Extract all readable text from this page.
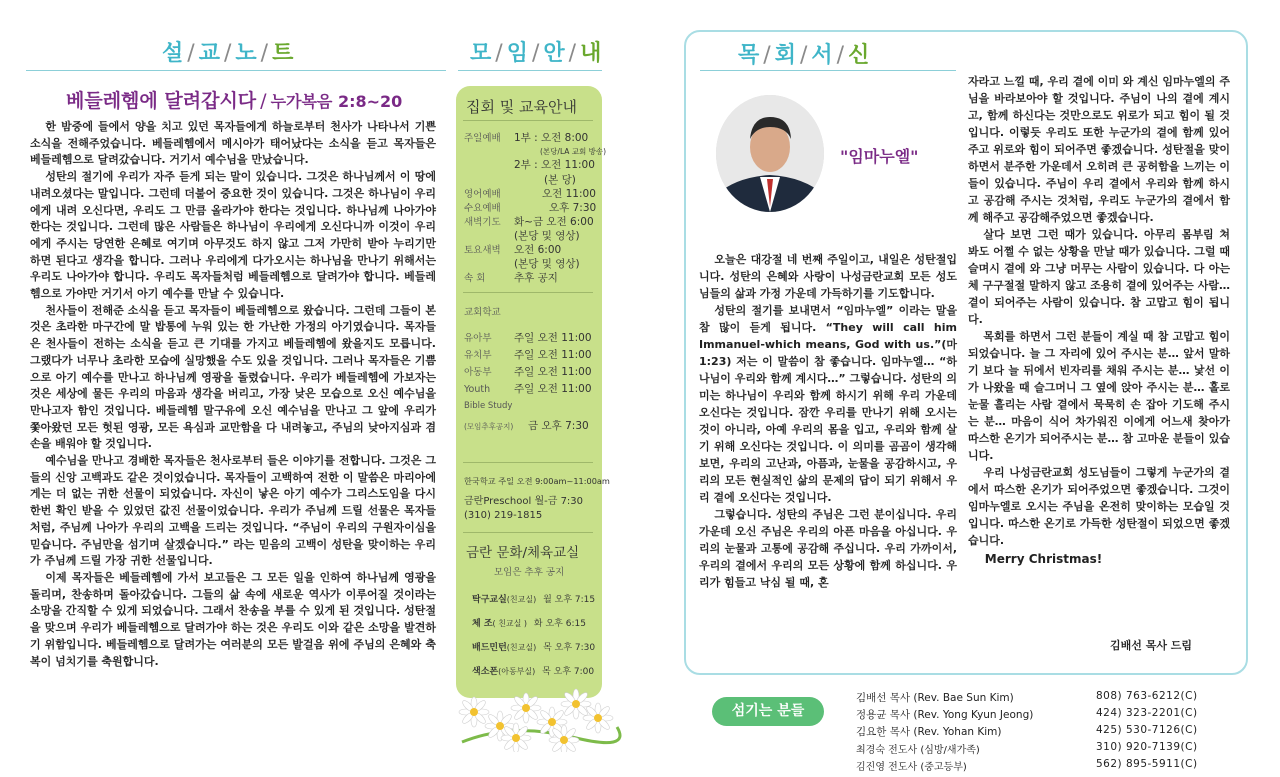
설 / 교 / 노 / 트
베들레헴에 달려갑시다 / 누가복음 2:8~20

한 밤중에 들에서 양을 치고 있던 목자들에게 하늘로부터 천사가 나타나서 기쁜 소식을 전해주었습니다. 베들레헴에서 메시아가 태어났다는 소식을 듣고 목자들은 베들레헴으로 달려갔습니다. 거기서 예수님을 만났습니다.

성탄의 절기에 우리가 자주 듣게 되는 말이 있습니다. 그것은 하나님께서 이 땅에 내려오셨다는 말입니다. 그런데 더불어 중요한 것이 있습니다. 그것은 하나님이 우리에게 내려 오신다면, 우리도 그 만큼 올라가야 한다는 것입니다. 하나님께 나아가야 한다는 것입니다. 그런데 많은 사람들은 하나님이 우리에게 오신다니까 이것이 우리에게 주시는 당연한 은혜로 여기며 아무것도 하지 않고 그저 가만히 받아 누리기만 하면 된다고 생각을 합니다. 그러나 우리에게 다가오시는 하나님을 만나기 위해서는 우리도 나아가야 합니다. 우리도 목자들처럼 베들레헴으로 달려가야 합니다. 베들레헴으로 가야만 거기서 아기 예수를 만날 수 있습니다.

천사들이 전해준 소식을 듣고 목자들이 베들레헴으로 왔습니다. 그런데 그들이 본 것은 초라한 마구간에 말 밥통에 누워 있는 한 가난한 가정의 아기였습니다. 목자들은 천사들이 전하는 소식을 듣고 큰 기대를 가지고 베들레헴에 왔을지도 모릅니다. 그랬다가 너무나 초라한 모습에 실망했을 수도 있을 것입니다. 그러나 목자들은 기쁨으로 아기 예수를 만나고 하나님께 영광을 돌렸습니다. 우리가 베들레헴에 가보자는 것은 세상에 물든 우리의 마음과 생각을 버리고, 가장 낮은 모습으로 오신 예수님을 만나고자 함인 것입니다. 베들레헴 말구유에 오신 예수님을 만나고 그 앞에 우리가 쫓아왔던 모든 헛된 영광, 모든 욕심과 교만함을 다 내려놓고, 주님의 낮아지심과 겸손을 배워야 할 것입니다.

예수님을 만나고 경배한 목자들은 천사로부터 들은 이야기를 전합니다. 그것은 그들의 신앙 고백과도 같은 것이었습니다. 목자들이 고백하여 전한 이 말씀은 마리아에게는 더 없는 귀한 선물이 되었습니다. 자신이 낳은 아기 예수가 그리스도임을 다시 한번 확인 받을 수 있었던 값진 선물이었습니다. 우리가 주님께 드릴 선물은 목자들처럼, 주님께 나아가 우리의 고백을 드리는 것입니다. “주님이 우리의 구원자이심을 믿습니다. 주님만을 섬기며 살겠습니다.” 라는 믿음의 고백이 성탄을 맞이하는 우리가 주님께 드릴 가장 귀한 선물입니다.

이제 목자들은 베들레헴에 가서 보고들은 그 모든 일을 인하여 하나님께 영광을 돌리며, 찬송하며 돌아갔습니다. 그들의 삶 속에 새로운 역사가 이루어질 것이라는 소망을 간직할 수 있게 되었습니다. 그래서 찬송을 부를 수 있게 된 것입니다. 성탄절을 맞으며 우리가 베들레헴으로 달려가야 하는 것은 우리도 이와 같은 소망을 발견하기 위함입니다. 베들레헴으로 달려가는 여러분의 모든 발걸음 위에 주님의 은혜와 축복이 넘치기를 축원합니다.

모 / 임 / 안 / 내
집회 및 교육안내
주일예배 1부 : 오전 8:00
(본당/LA 교회 방송)
2부 : 오전 11:00
(본 당)
영어예배	오전 11:00
수요예배	오후 7:30
새벽기도 화~금 오전 6:00
(본당 및 영상)
토요새벽 오전 6:00
(본당 및 영상)
속 회	추후 공지
교회학교
유아부 주일 오전 11:00
유치부 주일 오전 11:00
아동부 주일 오전 11:00
Youth 주일 오전 11:00
Bible Study
(모임추후공지) 금 오후 7:30
한국학교 주일 오전 9:00am~11:00am
금란Preschool 월-금 7:30
(310) 219-1815
금란 문화/체육교실
모임은 추후 공지
탁구교실(친교실) 월 오후 7:15
체 조( 친교실 ) 화 오후 6:15
배드민턴(친교실) 목 오후 7:30
색소폰(아동부실) 목 오후 7:00
목 / 회 / 서 / 신
"임마누엘"

오늘은 대강절 네 번째 주일이고, 내일은 성탄절입니다. 성탄의 은혜와 사랑이 나성금란교회 모든 성도님들의 삶과 가정 가운데 가득하기를 기도합니다.

성탄의 절기를 보내면서 “임마누엘” 이라는 말을 참 많이 듣게 됩니다. “They will call him Immanuel-which means, God with us.”(마1:23) 저는 이 말씀이 참 좋습니다. 임마누엘… “하나님이 우리와 함께 계시다…” 그렇습니다. 성탄의 의미는 하나님이 우리와 함께 하시기 위해 우리 가운데 오신다는 것입니다. 잠깐 우리를 만나기 위해 오시는 것이 아니라, 아예 우리의 몸을 입고, 우리와 함께 살기 위해 오신다는 것입니다. 이 의미를 곰곰이 생각해 보면, 우리의 고난과, 아픔과, 눈물을 공감하시고, 우리의 모든 현실적인 삶의 문제의 답이 되기 위해서 우리 곁에 오신다는 것입니다.

그렇습니다. 성탄의 주님은 그런 분이십니다. 우리 가운데 오신 주님은 우리의 아픈 마음을 아십니다. 우리의 눈물과 고통에 공감해 주십니다. 우리 가까이서, 우리의 곁에서 우리의 모든 상황에 함께 하십니다. 우리가 힘들고 낙심 될 때, 혼

자라고 느낄 때, 우리 곁에 이미 와 계신 임마누엘의 주님을 바라보아야 할 것입니다. 주님이 나의 곁에 계시고, 함께 하신다는 것만으로도 위로가 되고 힘이 될 것입니다. 이렇듯 우리도 또한 누군가의 곁에 함께 있어주고 위로와 힘이 되어주면 좋겠습니다. 성탄절을 맞이하면서 분주한 가운데서 오히려 큰 공허함을 느끼는 이들이 있습니다. 주님이 우리 곁에서 우리와 함께 하시고 공감해 주시는 것처럼, 우리도 누군가의 곁에서 함께 해주고 공감해주었으면 좋겠습니다.

살다 보면 그런 때가 있습니다. 아무리 몸부림 쳐 봐도 어쩔 수 없는 상황을 만날 때가 있습니다. 그럴 때 슬며시 곁에 와 그냥 머무는 사람이 있습니다. 다 아는 체 구구절절 말하지 않고 조용히 곁에 있어주는 사람… 곁이 되어주는 사람이 있습니다. 참 고맙고 힘이 됩니다.

목회를 하면서 그런 분들이 계실 때 참 고맙고 힘이 되었습니다. 늘 그 자리에 있어 주시는 분… 앞서 말하기 보다 늘 뒤에서 빈자리를 채워 주시는 분… 낯선 이가 나왔을 때 슬그머니 그 옆에 앉아 주시는 분… 홀로 눈물 흘리는 사람 곁에서 묵묵히 손 잡아 기도해 주시는 분… 마음이 식어 차가워진 이에게 어느새 찾아가 따스한 온기가 되어주시는 분… 참 고마운 분들이 있습니다.

우리 나성금란교회 성도님들이 그렇게 누군가의 곁에서 따스한 온기가 되어주었으면 좋겠습니다. 그것이 임마누엘로 오시는 주님을 온전히 맞이하는 모습일 것입니다. 따스한 온기로 가득한 성탄절이 되었으면 좋겠습니다.

Merry Christmas!

김배선 목사 드림
섬기는 분들
김배선 목사 (Rev. Bae Sun Kim)	808) 763-6212(C)
정용균 목사 (Rev. Yong Kyun Jeong)	424) 323-2201(C)
김요한 목사 (Rev. Yohan Kim)	425) 530-7126(C)
최경숙 전도사 (심방/새가족)	310) 920-7139(C)
김진영 전도사 (중고등부)	562) 895-5911(C)
